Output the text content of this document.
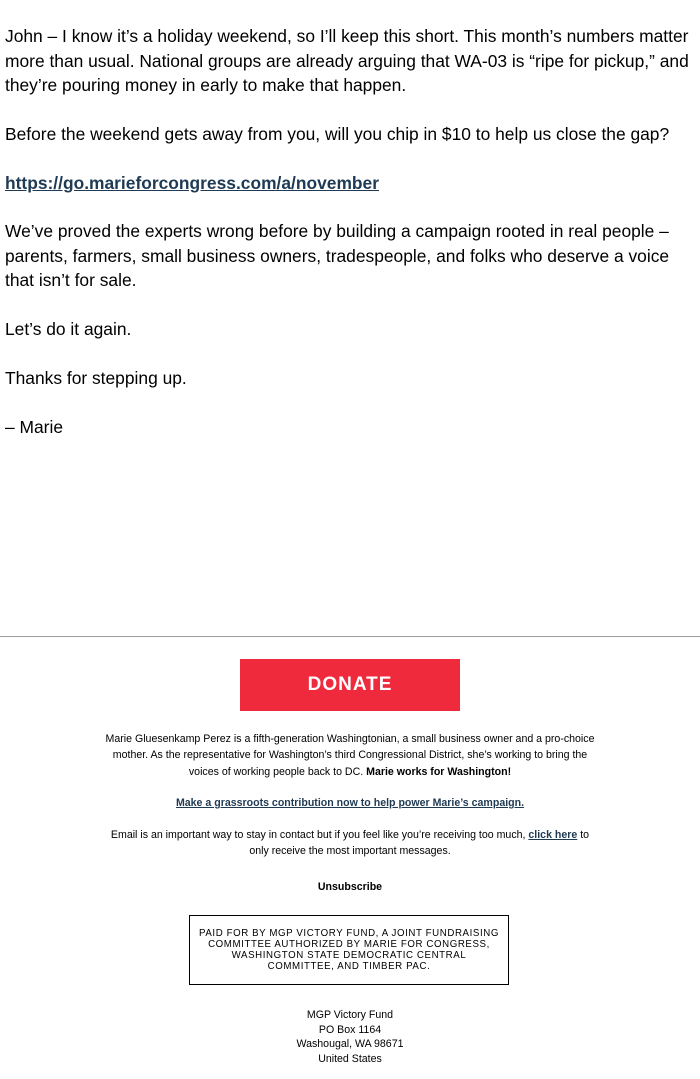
John – I know it’s a holiday weekend, so I’ll keep this short. This month’s numbers matter more than usual. National groups are already arguing that WA-03 is “ripe for pickup,” and they’re pouring money in early to make that happen.

Before the weekend gets away from you, will you chip in $10 to help us close the gap?

https://go.marieforcongress.com/a/november

We’ve proved the experts wrong before by building a campaign rooted in real people – parents, farmers, small business owners, tradespeople, and folks who deserve a voice that isn’t for sale.

Let’s do it again.

Thanks for stepping up.

– Marie

DONATE
Marie Gluesenkamp Perez is a fifth-generation Washingtonian, a small business owner and a pro-choice mother. As the representative for Washington’s third Congressional District, she’s working to bring the voices of working people back to DC. Marie works for Washington!
Make a grassroots contribution now to help power Marie’s campaign.
Email is an important way to stay in contact but if you feel like you’re receiving too much, click here to only receive the most important messages.
Unsubscribe
PAID FOR BY MGP VICTORY FUND, A JOINT FUNDRAISING COMMITTEE AUTHORIZED BY MARIE FOR CONGRESS, WASHINGTON STATE DEMOCRATIC CENTRAL COMMITTEE, AND TIMBER PAC.
MGP Victory Fund
PO Box 1164
Washougal, WA 98671
United States
